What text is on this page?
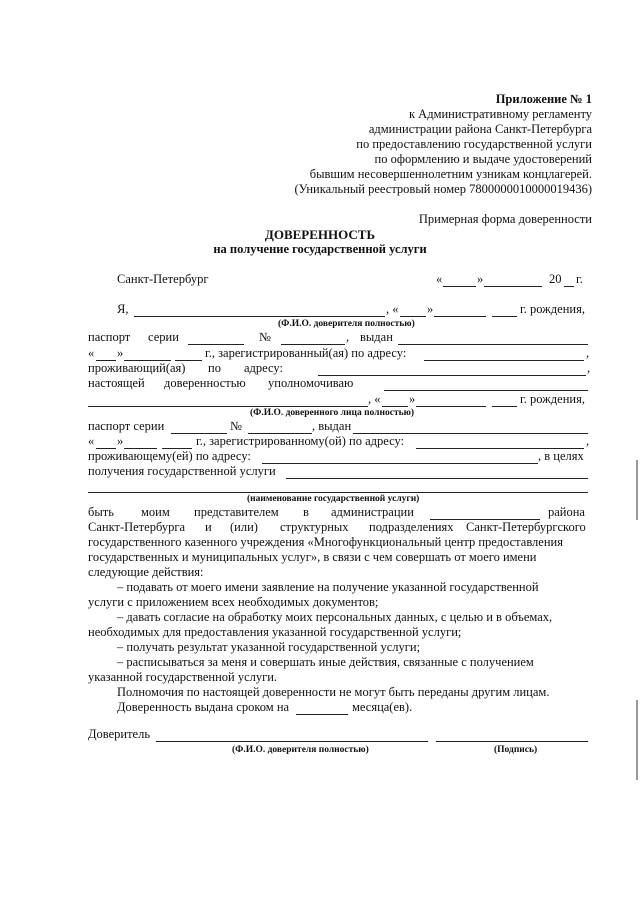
Приложение № 1
к Административному регламенту
администрации района Санкт-Петербурга
по предоставлению государственной услуги
по оформлению и выдаче удостоверений
бывшим несовершеннолетним узникам концлагерей.
(Уникальный реестровый номер 7800000010000019436)
Примерная форма доверенности
ДОВЕРЕННОСТЬ
на получение государственной услуги
Санкт-Петербург	«	»	20 г.
Я,	, « »	г. рождения,
(Ф.И.О. доверителя полностью)
паспорт серии	№	, выдан
« »	г., зарегистрированный(ая) по адресу:	,
проживающий(ая) по адресу:	,
настоящей доверенностью уполномочиваю
, « »	г. рождения,
(Ф.И.О. доверенного лица полностью)
паспорт серии	№	, выдан
« »	г., зарегистрированному(ой) по адресу:	,
проживающему(ей) по адресу:	, в целях
получения государственной услуги
(наименование государственной услуги)
быть моим представителем в администрации	района
Санкт-Петербурга и (или) структурных подразделениях Санкт-Петербургского
государственного казенного учреждения «Многофункциональный центр предоставления
государственных и муниципальных услуг», в связи с чем совершать от моего имени
следующие действия:
– подавать от моего имени заявление на получение указанной государственной
услуги с приложением всех необходимых документов;
– давать согласие на обработку моих персональных данных, с целью и в объемах,
необходимых для предоставления указанной государственной услуги;
– получать результат указанной государственной услуги;
– расписываться за меня и совершать иные действия, связанные с получением
указанной государственной услуги.
Полномочия по настоящей доверенности не могут быть переданы другим лицам.
Доверенность выдана сроком на	месяца(ев).
Доверитель
(Ф.И.О. доверителя полностью)	(Подпись)
